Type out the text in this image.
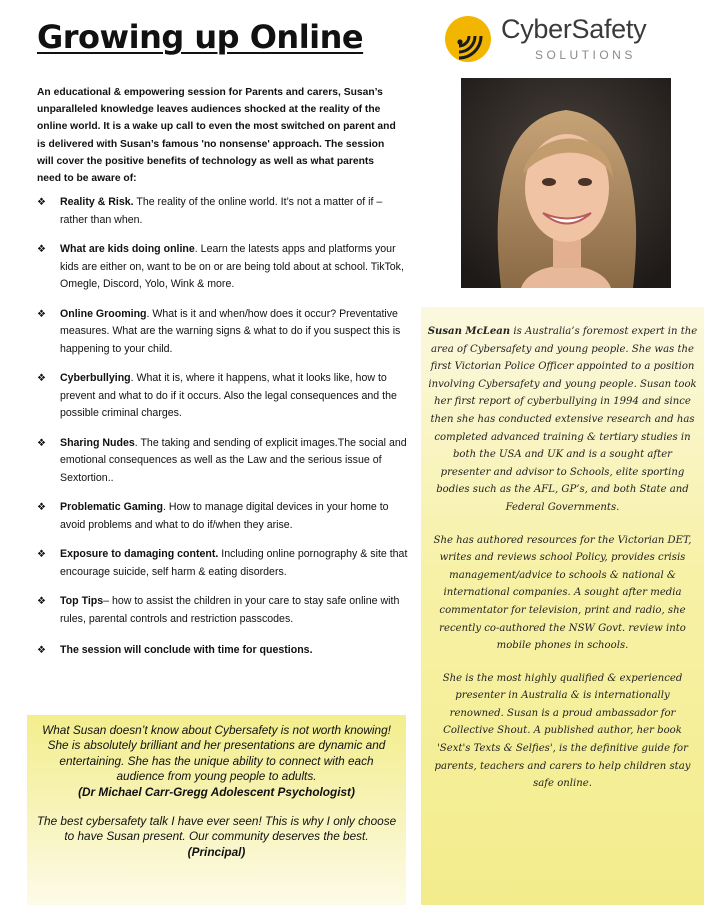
Growing up Online	CyberSafety
SOLUTIONS

An educational & empowering session for Parents and carers, Susan’s unparalleled knowledge leaves audiences shocked at the reality of the online world. It is a wake up call to even the most switched on parent and is delivered with Susan’s famous 'no nonsense' approach. The session will cover the positive benefits of technology as well as what parents need to be aware of:

❖ Reality & Risk. The reality of the online world. It’s not a matter of if – rather than when.
❖ What are kids doing online. Learn the latests apps and platforms your kids are either on, want to be on or are being told about at school. TikTok, Omegle, Discord, Yolo, Wink & more.
❖ Online Grooming. What is it and when/how does it occur? Preventative measures. What are the warning signs & what to do if you suspect this is happening to your child.
❖ Cyberbullying. What it is, where it happens, what it looks like, how to prevent and what to do if it occurs. Also the legal consequences and the possible criminal charges.
❖ Sharing Nudes. The taking and sending of explicit images.The social and emotional consequences as well as the Law and the serious issue of Sextortion..
❖ Problematic Gaming. How to manage digital devices in your home to avoid problems and what to do if/when they arise.
❖ Exposure to damaging content. Including online pornography & site that encourage suicide, self harm & eating disorders.
❖ Top Tips– how to assist the children in your care to stay safe online with rules, parental controls and restriction passcodes.
❖ The session will conclude with time for questions.
What Susan doesn’t know about Cybersafety is not worth knowing! She is absolutely brilliant and her presentations are dynamic and entertaining. She has the unique ability to connect with each audience from young people to adults.
(Dr Michael Carr-Gregg Adolescent Psychologist)
The best cybersafety talk I have ever seen! This is why I only choose to have Susan present. Our community deserves the best.
(Principal)

Susan McLean is Australia’s foremost expert in the area of Cybersafety and young people. She was the first Victorian Police Officer appointed to a position involving Cybersafety and young people. Susan took her first report of cyberbullying in 1994 and since then she has conducted extensive research and has completed advanced training & tertiary studies in both the USA and UK and is a sought after presenter and advisor to Schools, elite sporting bodies such as the AFL, GP’s, and both State and Federal Governments.

She has authored resources for the Victorian DET, writes and reviews school Policy, provides crisis management/advice to schools & national & international companies. A sought after media commentator for television, print and radio, she recently co-authored the NSW Govt. review into mobile phones in schools.

She is the most highly qualified & experienced presenter in Australia & is internationally renowned. Susan is a proud ambassador for Collective Shout. A published author, her book 'Sext's Texts & Selfies', is the definitive guide for parents, teachers and carers to help children stay safe online.
